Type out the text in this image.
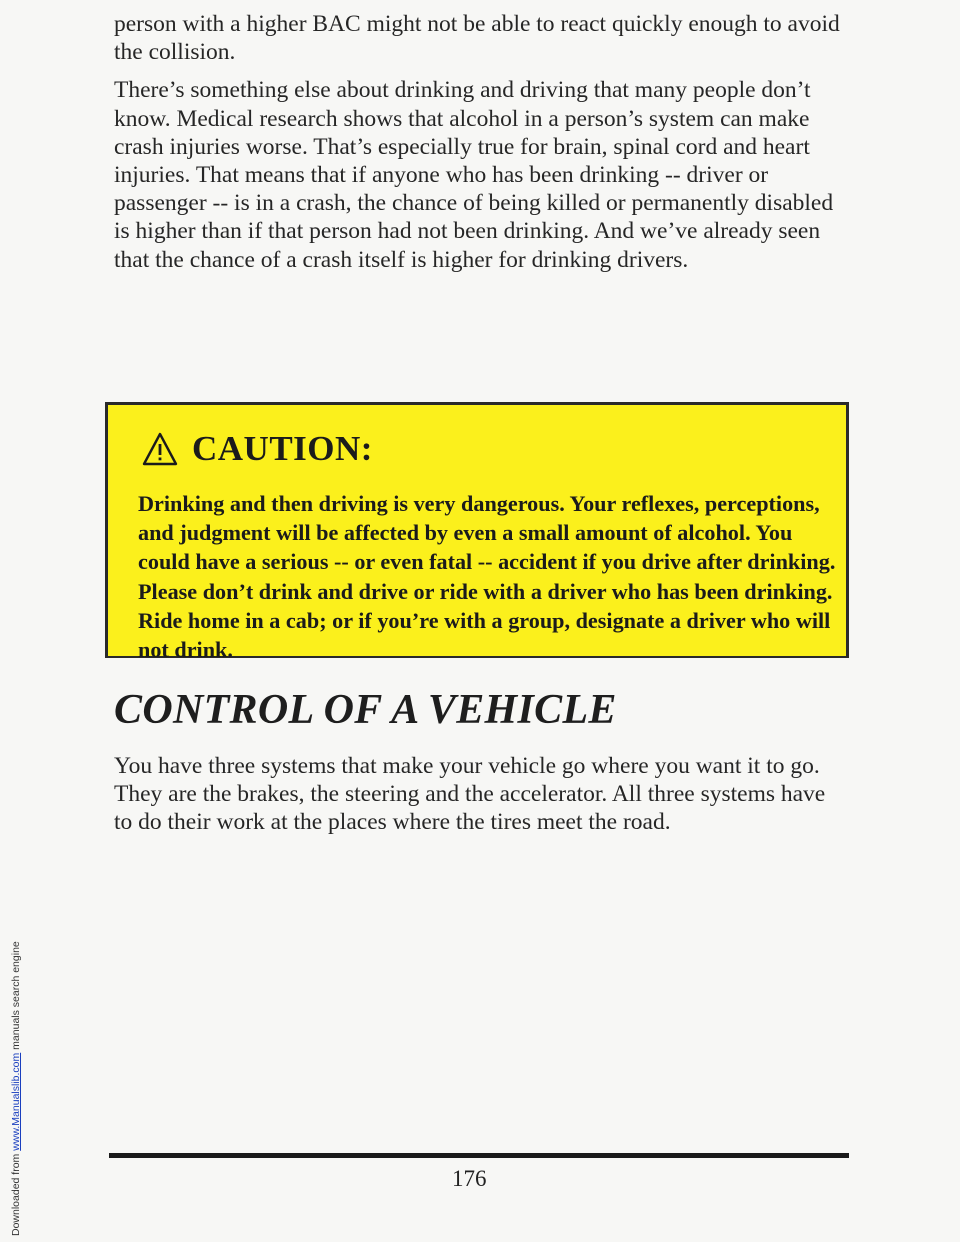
Downloaded from www.Manualslib.com manuals search engine

person with a higher BAC might not be able to react quickly enough to avoid the collision.

There’s something else about drinking and driving that many people don’t know. Medical research shows that alcohol in a person’s system can make crash injuries worse. That’s especially true for brain, spinal cord and heart injuries. That means that if anyone who has been drinking -- driver or passenger -- is in a crash, the chance of being killed or permanently disabled is higher than if that person had not been drinking. And we’ve already seen that the chance of a crash itself is higher for drinking drivers.

CAUTION:
Drinking and then driving is very dangerous. Your reflexes, perceptions, and judgment will be affected by even a small amount of alcohol. You could have a serious -- or even fatal -- accident if you drive after drinking. Please don’t drink and drive or ride with a driver who has been drinking. Ride home in a cab; or if you’re with a group, designate a driver who will not drink.
CONTROL OF A VEHICLE

You have three systems that make your vehicle go where you want it to go. They are the brakes, the steering and the accelerator. All three systems have to do their work at the places where the tires meet the road.

176
